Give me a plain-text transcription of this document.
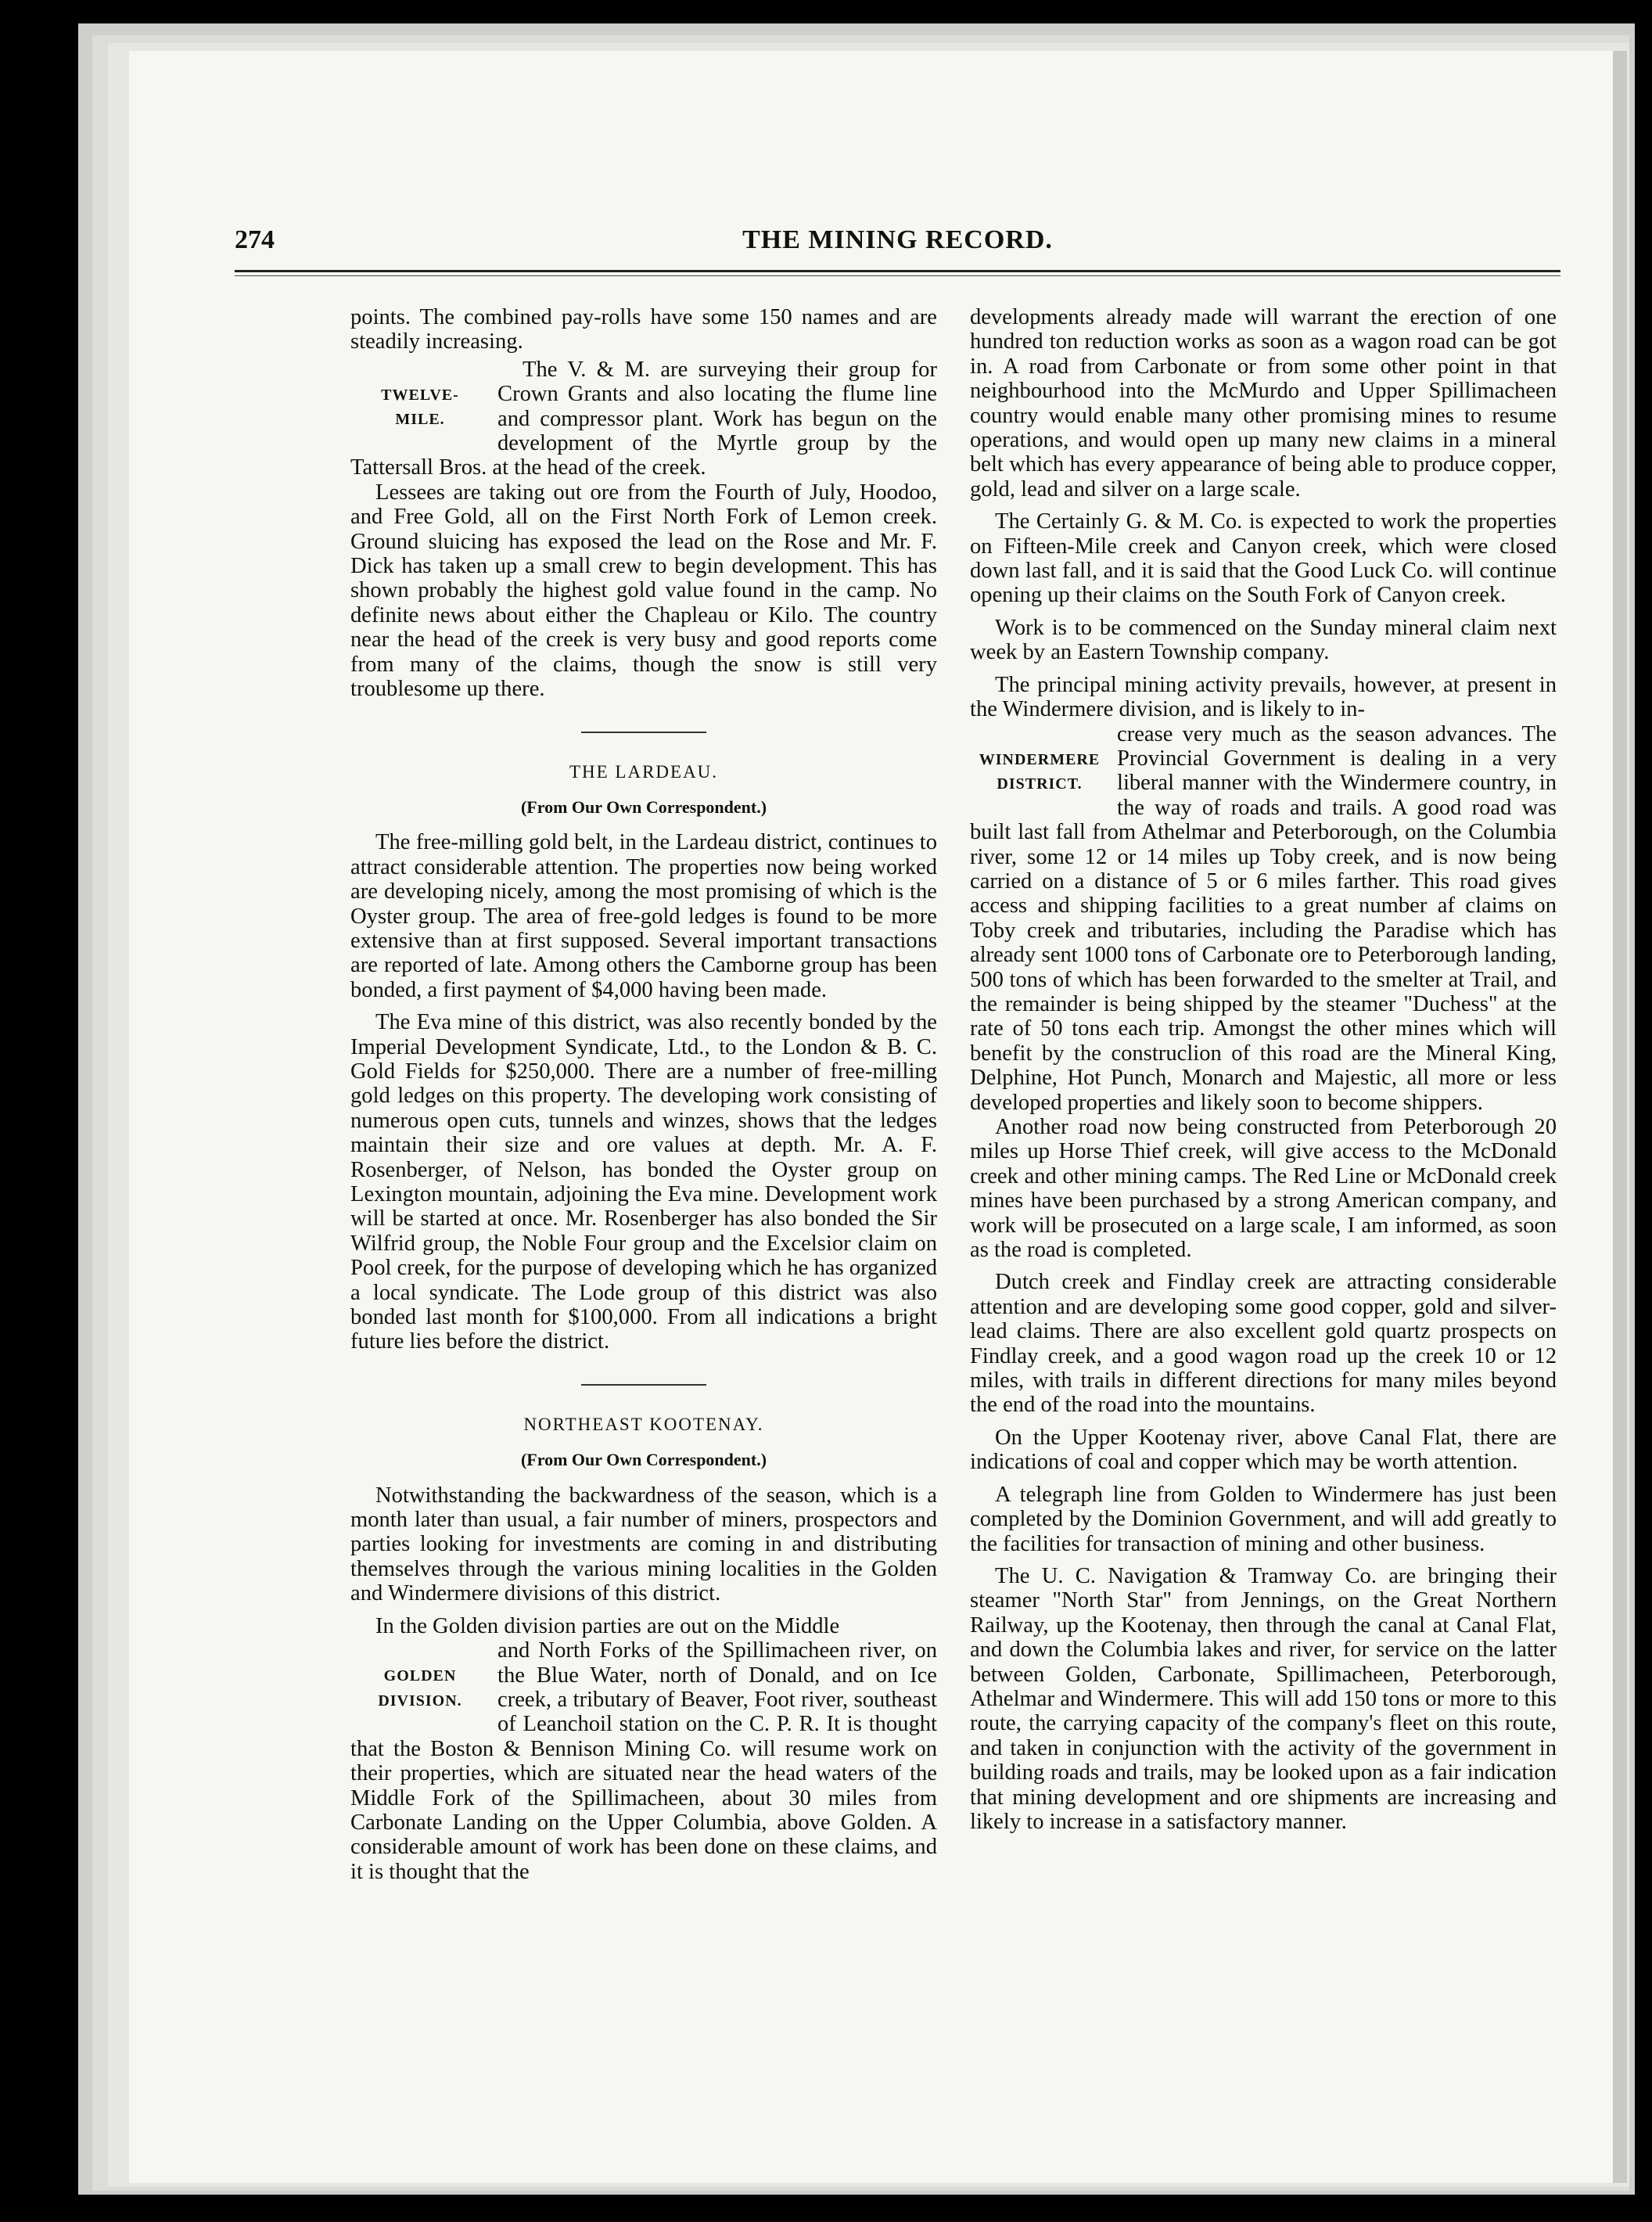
THE MINING RECORD.
274

points. The combined pay-rolls have some 150 names and are steadily increasing.

TWELVE-
MILE.

The V. & M. are surveying their group for Crown Grants and also locating the flume line and compressor plant. Work has begun on the development of the Myrtle group by the Tattersall Bros. at the head of the creek.

Lessees are taking out ore from the Fourth of July, Hoodoo, and Free Gold, all on the First North Fork of Lemon creek. Ground sluicing has exposed the lead on the Rose and Mr. F. Dick has taken up a small crew to begin development. This has shown probably the highest gold value found in the camp. No definite news about either the Chapleau or Kilo. The country near the head of the creek is very busy and good reports come from many of the claims, though the snow is still very troublesome up there.

THE LARDEAU.
(From Our Own Correspondent.)

The free-milling gold belt, in the Lardeau district, continues to attract considerable attention. The properties now being worked are developing nicely, among the most promising of which is the Oyster group. The area of free-gold ledges is found to be more extensive than at first supposed. Several important transactions are reported of late. Among others the Camborne group has been bonded, a first payment of $4,000 having been made.

The Eva mine of this district, was also recently bonded by the Imperial Development Syndicate, Ltd., to the London & B. C. Gold Fields for $250,000. There are a number of free-milling gold ledges on this property. The developing work consisting of numerous open cuts, tunnels and winzes, shows that the ledges maintain their size and ore values at depth. Mr. A. F. Rosenberger, of Nelson, has bonded the Oyster group on Lexington mountain, adjoining the Eva mine. Development work will be started at once. Mr. Rosenberger has also bonded the Sir Wilfrid group, the Noble Four group and the Excelsior claim on Pool creek, for the purpose of developing which he has organized a local syndicate. The Lode group of this district was also bonded last month for $100,000. From all indications a bright future lies before the district.

NORTHEAST KOOTENAY.
(From Our Own Correspondent.)

Notwithstanding the backwardness of the season, which is a month later than usual, a fair number of miners, prospectors and parties looking for investments are coming in and distributing themselves through the various mining localities in the Golden and Windermere divisions of this district.

In the Golden division parties are out on the Middle

GOLDEN
DIVISION.

and North Forks of the Spillimacheen river, on the Blue Water, north of Donald, and on Ice creek, a tributary of Beaver, Foot river, southeast of Leanchoil station on the C. P. R. It is thought that the Boston & Bennison Mining Co. will resume work on their properties, which are situated near the head waters of the Middle Fork of the Spillimacheen, about 30 miles from Carbonate Landing on the Upper Columbia, above Golden. A considerable amount of work has been done on these claims, and it is thought that the

developments already made will warrant the erection of one hundred ton reduction works as soon as a wagon road can be got in. A road from Carbonate or from some other point in that neighbourhood into the McMurdo and Upper Spillimacheen country would enable many other promising mines to resume operations, and would open up many new claims in a mineral belt which has every appearance of being able to produce copper, gold, lead and silver on a large scale.

The Certainly G. & M. Co. is expected to work the properties on Fifteen-Mile creek and Canyon creek, which were closed down last fall, and it is said that the Good Luck Co. will continue opening up their claims on the South Fork of Canyon creek.

Work is to be commenced on the Sunday mineral claim next week by an Eastern Township company.

The principal mining activity prevails, however, at present in the Windermere division, and is likely to in-

WINDERMERE
DISTRICT.

crease very much as the season advances. The Provincial Government is dealing in a very liberal manner with the Windermere country, in the way of roads and trails. A good road was built last fall from Athelmar and Peterborough, on the Columbia river, some 12 or 14 miles up Toby creek, and is now being carried on a distance of 5 or 6 miles farther. This road gives access and shipping facilities to a great number af claims on Toby creek and tributaries, including the Paradise which has already sent 1000 tons of Carbonate ore to Peterborough landing, 500 tons of which has been forwarded to the smelter at Trail, and the remainder is being shipped by the steamer "Duchess" at the rate of 50 tons each trip. Amongst the other mines which will benefit by the construclion of this road are the Mineral King, Delphine, Hot Punch, Monarch and Majestic, all more or less developed properties and likely soon to become shippers.

Another road now being constructed from Peterborough 20 miles up Horse Thief creek, will give access to the McDonald creek and other mining camps. The Red Line or McDonald creek mines have been purchased by a strong American company, and work will be prosecuted on a large scale, I am informed, as soon as the road is completed.

Dutch creek and Findlay creek are attracting considerable attention and are developing some good copper, gold and silver-lead claims. There are also excellent gold quartz prospects on Findlay creek, and a good wagon road up the creek 10 or 12 miles, with trails in different directions for many miles beyond the end of the road into the mountains.

On the Upper Kootenay river, above Canal Flat, there are indications of coal and copper which may be worth attention.

A telegraph line from Golden to Windermere has just been completed by the Dominion Government, and will add greatly to the facilities for transaction of mining and other business.

The U. C. Navigation & Tramway Co. are bringing their steamer "North Star" from Jennings, on the Great Northern Railway, up the Kootenay, then through the canal at Canal Flat, and down the Columbia lakes and river, for service on the latter between Golden, Carbonate, Spillimacheen, Peterborough, Athelmar and Windermere. This will add 150 tons or more to this route, the carrying capacity of the company's fleet on this route, and taken in conjunction with the activity of the government in building roads and trails, may be looked upon as a fair indication that mining development and ore shipments are increasing and likely to increase in a satisfactory manner.
